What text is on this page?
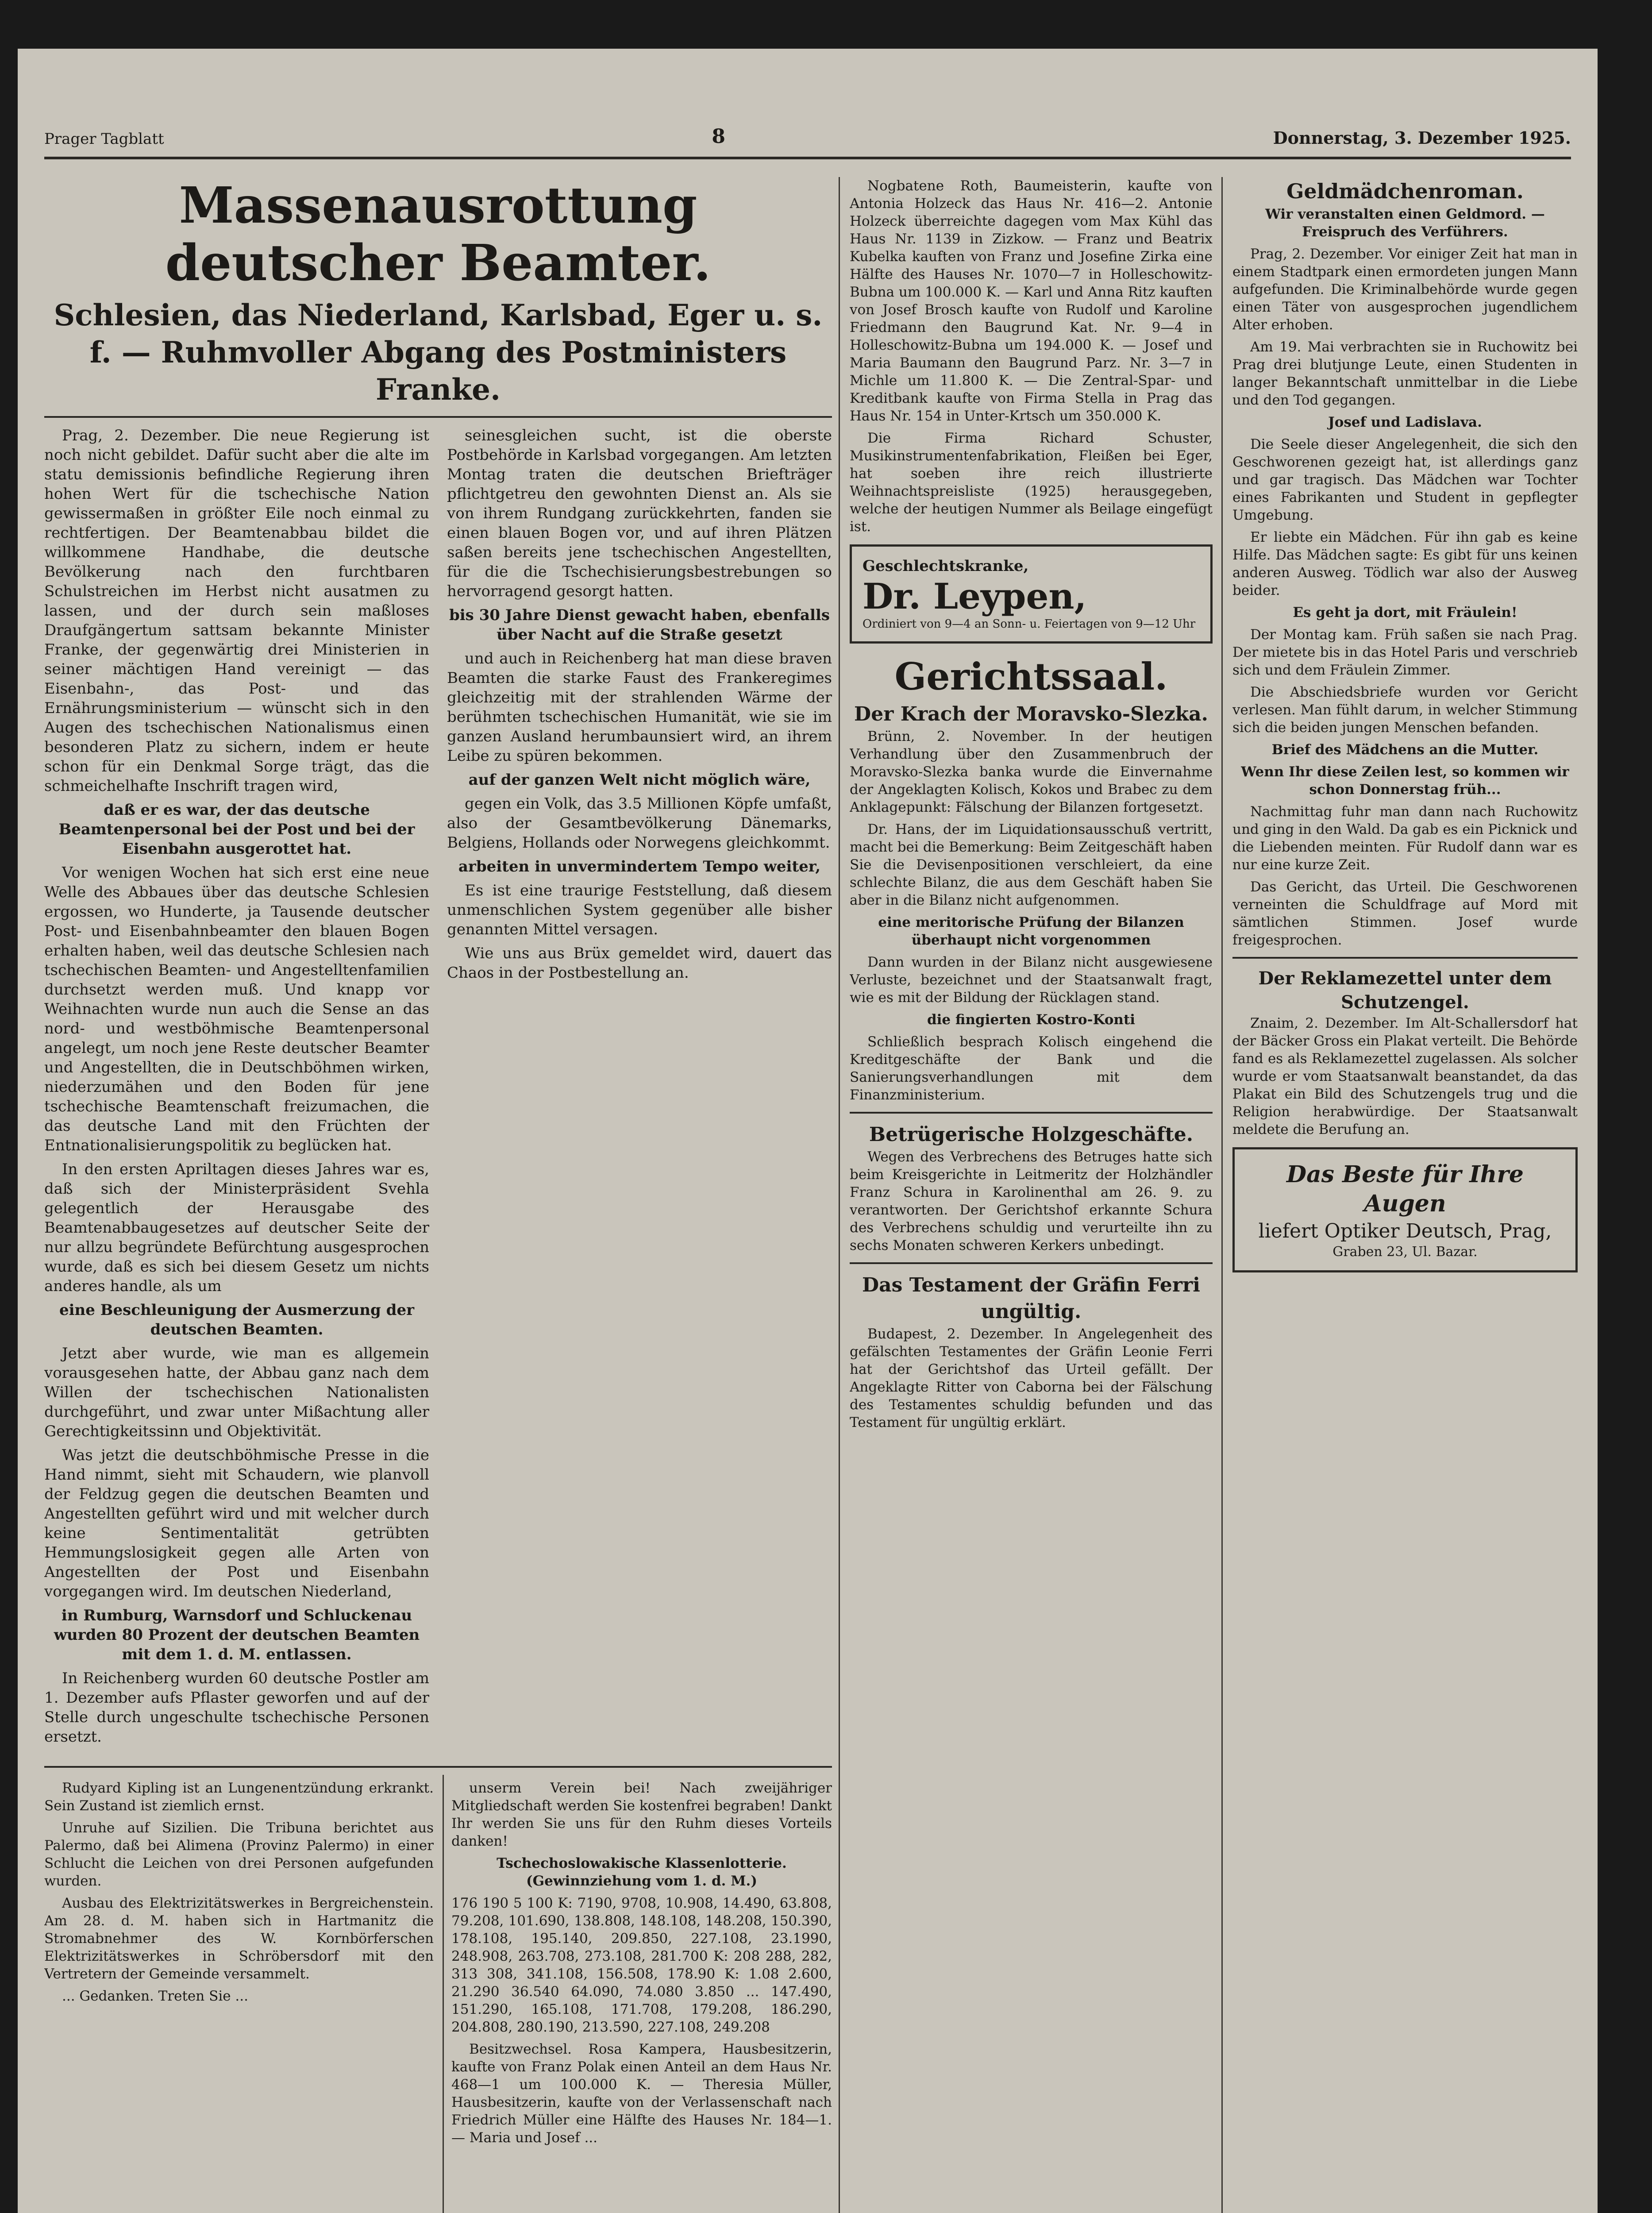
Prager Tagblatt	8	Donnerstag, 3. Dezember 1925.
Massenausrottung deutscher Beamter.
Schlesien, das Niederland, Karlsbad, Eger u. s. f. — Ruhmvoller Abgang des Postministers Franke.

Prag, 2. Dezember. Die neue Regierung ist noch nicht gebildet. Dafür sucht aber die alte im statu demissionis befindliche Regierung ihren hohen Wert für die tschechische Nation gewissermaßen in größter Eile noch einmal zu rechtfertigen. Der Beamtenabbau bildet die willkommene Handhabe, die deutsche Bevölkerung nach den furchtbaren Schulstreichen im Herbst nicht ausatmen zu lassen, und der durch sein maßloses Draufgängertum sattsam bekannte Minister Franke, der gegenwärtig drei Ministerien in seiner mächtigen Hand vereinigt — das Eisenbahn-, das Post- und das Ernährungsministerium — wünscht sich in den Augen des tschechischen Nationalismus einen besonderen Platz zu sichern, indem er heute schon für ein Denkmal Sorge trägt, das die schmeichelhafte Inschrift tragen wird,

daß er es war, der das deutsche Beamtenpersonal bei der Post und bei der Eisenbahn ausgerottet hat.

Vor wenigen Wochen hat sich erst eine neue Welle des Abbaues über das deutsche Schlesien ergossen, wo Hunderte, ja Tausende deutscher Post- und Eisenbahnbeamter den blauen Bogen erhalten haben, weil das deutsche Schlesien nach tschechischen Beamten- und Angestelltenfamilien durchsetzt werden muß. Und knapp vor Weihnachten wurde nun auch die Sense an das nord- und westböhmische Beamtenpersonal angelegt, um noch jene Reste deutscher Beamter und Angestellten, die in Deutschböhmen wirken, niederzumähen und den Boden für jene tschechische Beamtenschaft freizumachen, die das deutsche Land mit den Früchten der Entnationalisierungspolitik zu beglücken hat.

In den ersten Apriltagen dieses Jahres war es, daß sich der Ministerpräsident Svehla gelegentlich der Herausgabe des Beamtenabbaugesetzes auf deutscher Seite der nur allzu begründete Befürchtung ausgesprochen wurde, daß es sich bei diesem Gesetz um nichts anderes handle, als um

eine Beschleunigung der Ausmerzung der deutschen Beamten.

Jetzt aber wurde, wie man es allgemein vorausgesehen hatte, der Abbau ganz nach dem Willen der tschechischen Nationalisten durchgeführt, und zwar unter Mißachtung aller Gerechtigkeitssinn und Objektivität.

Was jetzt die deutschböhmische Presse in die Hand nimmt, sieht mit Schaudern, wie planvoll der Feldzug gegen die deutschen Beamten und Angestellten geführt wird und mit welcher durch keine Sentimentalität getrübten Hemmungslosigkeit gegen alle Arten von Angestellten der Post und Eisenbahn vorgegangen wird. Im deutschen Niederland,

in Rumburg, Warnsdorf und Schluckenau wurden 80 Prozent der deutschen Beamten mit dem 1. d. M. entlassen.

In Reichenberg wurden 60 deutsche Postler am 1. Dezember aufs Pflaster geworfen und auf der Stelle durch ungeschulte tschechische Personen ersetzt.

seinesgleichen sucht, ist die oberste Postbehörde in Karlsbad vorgegangen. Am letzten Montag traten die deutschen Briefträger pflichtgetreu den gewohnten Dienst an. Als sie von ihrem Rundgang zurückkehrten, fanden sie einen blauen Bogen vor, und auf ihren Plätzen saßen bereits jene tschechischen Angestellten, für die die Tschechisierungsbestrebungen so hervorragend gesorgt hatten.

bis 30 Jahre Dienst gewacht haben, ebenfalls über Nacht auf die Straße gesetzt

und auch in Reichenberg hat man diese braven Beamten die starke Faust des Frankeregimes gleichzeitig mit der strahlenden Wärme der berühmten tschechischen Humanität, wie sie im ganzen Ausland herumbaunsiert wird, an ihrem Leibe zu spüren bekommen.

auf der ganzen Welt nicht möglich wäre,

gegen ein Volk, das 3.5 Millionen Köpfe umfaßt, also der Gesamtbevölkerung Dänemarks, Belgiens, Hollands oder Norwegens gleichkommt.

arbeiten in unvermindertem Tempo weiter,

Es ist eine traurige Feststellung, daß diesem unmenschlichen System gegenüber alle bisher genannten Mittel versagen.

Wie uns aus Brüx gemeldet wird, dauert das Chaos in der Postbestellung an.

Rudyard Kipling ist an Lungenentzündung erkrankt. Sein Zustand ist ziemlich ernst.

Unruhe auf Sizilien. Die Tribuna berichtet aus Palermo, daß bei Alimena (Provinz Palermo) in einer Schlucht die Leichen von drei Personen aufgefunden wurden.

Ausbau des Elektrizitätswerkes in Bergreichenstein. Am 28. d. M. haben sich in Hartmanitz die Stromabnehmer des W. Kornbörferschen Elektrizitätswerkes in Schröbersdorf mit den Vertretern der Gemeinde versammelt.

... Gedanken. Treten Sie ...

unserm Verein bei! Nach zweijähriger Mitgliedschaft werden Sie kostenfrei begraben! Dankt Ihr werden Sie uns für den Ruhm dieses Vorteils danken!

Tschechoslowakische Klassenlotterie. (Gewinnziehung vom 1. d. M.)

176 190 5 100 K: 7190, 9708, 10.908, 14.490, 63.808, 79.208, 101.690, 138.808, 148.108, 148.208, 150.390, 178.108, 195.140, 209.850, 227.108, 23.1990, 248.908, 263.708, 273.108, 281.700 K: 208 288, 282, 313 308, 341.108, 156.508, 178.90 K: 1.08 2.600, 21.290 36.540 64.090, 74.080 3.850 ... 147.490, 151.290, 165.108, 171.708, 179.208, 186.290, 204.808, 280.190, 213.590, 227.108, 249.208

Besitzwechsel. Rosa Kampera, Hausbesitzerin, kaufte von Franz Polak einen Anteil an dem Haus Nr. 468—1 um 100.000 K. — Theresia Müller, Hausbesitzerin, kaufte von der Verlassenschaft nach Friedrich Müller eine Hälfte des Hauses Nr. 184—1. — Maria und Josef ...

Nogbatene Roth, Baumeisterin, kaufte von Antonia Holzeck das Haus Nr. 416—2. Antonie Holzeck überreichte dagegen vom Max Kühl das Haus Nr. 1139 in Zizkow. — Franz und Beatrix Kubelka kauften von Franz und Josefine Zirka eine Hälfte des Hauses Nr. 1070—7 in Holleschowitz-Bubna um 100.000 K. — Karl und Anna Ritz kauften von Josef Brosch kaufte von Rudolf und Karoline Friedmann den Baugrund Kat. Nr. 9—4 in Holleschowitz-Bubna um 194.000 K. — Josef und Maria Baumann den Baugrund Parz. Nr. 3—7 in Michle um 11.800 K. — Die Zentral-Spar- und Kreditbank kaufte von Firma Stella in Prag das Haus Nr. 154 in Unter-Krtsch um 350.000 K.

Die Firma Richard Schuster, Musikinstrumentenfabrikation, Fleißen bei Eger, hat soeben ihre reich illustrierte Weihnachtspreisliste (1925) herausgegeben, welche der heutigen Nummer als Beilage eingefügt ist.

Geschlechtskranke,
Dr. Leypen,
Ordiniert von 9—4 an Sonn- u. Feiertagen von 9—12 Uhr
Gerichtssaal.
Der Krach der Moravsko-Slezka.

Brünn, 2. November. In der heutigen Verhandlung über den Zusammenbruch der Moravsko-Slezka banka wurde die Einvernahme der Angeklagten Kolisch, Kokos und Brabec zu dem Anklagepunkt: Fälschung der Bilanzen fortgesetzt.

Dr. Hans, der im Liquidationsausschuß vertritt, macht bei die Bemerkung: Beim Zeitgeschäft haben Sie die Devisenpositionen verschleiert, da eine schlechte Bilanz, die aus dem Geschäft haben Sie aber in die Bilanz nicht aufgenommen.

eine meritorische Prüfung der Bilanzen überhaupt nicht vorgenommen

Dann wurden in der Bilanz nicht ausgewiesene Verluste, bezeichnet und der Staatsanwalt fragt, wie es mit der Bildung der Rücklagen stand.

die fingierten Kostro-Konti

Schließlich besprach Kolisch eingehend die Kreditgeschäfte der Bank und die Sanierungsverhandlungen mit dem Finanzministerium.

Betrügerische Holzgeschäfte.

Wegen des Verbrechens des Betruges hatte sich beim Kreisgerichte in Leitmeritz der Holzhändler Franz Schura in Karolinenthal am 26. 9. zu verantworten. Der Gerichtshof erkannte Schura des Verbrechens schuldig und verurteilte ihn zu sechs Monaten schweren Kerkers unbedingt.

Das Testament der Gräfin Ferri ungültig.

Budapest, 2. Dezember. In Angelegenheit des gefälschten Testamentes der Gräfin Leonie Ferri hat der Gerichtshof das Urteil gefällt. Der Angeklagte Ritter von Caborna bei der Fälschung des Testamentes schuldig befunden und das Testament für ungültig erklärt.

Geldmädchenroman.

Wir veranstalten einen Geldmord. — Freispruch des Verführers.

Prag, 2. Dezember. Vor einiger Zeit hat man in einem Stadtpark einen ermordeten jungen Mann aufgefunden. Die Kriminalbehörde wurde gegen einen Täter von ausgesprochen jugendlichem Alter erhoben.

Am 19. Mai verbrachten sie in Ruchowitz bei Prag drei blutjunge Leute, einen Studenten in langer Bekanntschaft unmittelbar in die Liebe und den Tod gegangen.

Josef und Ladislava.

Die Seele dieser Angelegenheit, die sich den Geschworenen gezeigt hat, ist allerdings ganz und gar tragisch. Das Mädchen war Tochter eines Fabrikanten und Student in gepflegter Umgebung.

Er liebte ein Mädchen. Für ihn gab es keine Hilfe. Das Mädchen sagte: Es gibt für uns keinen anderen Ausweg. Tödlich war also der Ausweg beider.

Es geht ja dort, mit Fräulein!

Der Montag kam. Früh saßen sie nach Prag. Der mietete bis in das Hotel Paris und verschrieb sich und dem Fräulein Zimmer.

Die Abschiedsbriefe wurden vor Gericht verlesen. Man fühlt darum, in welcher Stimmung sich die beiden jungen Menschen befanden.

Brief des Mädchens an die Mutter.

Wenn Ihr diese Zeilen lest, so kommen wir schon Donnerstag früh...

Nachmittag fuhr man dann nach Ruchowitz und ging in den Wald. Da gab es ein Picknick und die Liebenden meinten. Für Rudolf dann war es nur eine kurze Zeit.

Das Gericht, das Urteil. Die Geschworenen verneinten die Schuldfrage auf Mord mit sämtlichen Stimmen. Josef wurde freigesprochen.

Der Reklamezettel unter dem Schutzengel.

Znaim, 2. Dezember. Im Alt-Schallersdorf hat der Bäcker Gross ein Plakat verteilt. Die Behörde fand es als Reklamezettel zugelassen. Als solcher wurde er vom Staatsanwalt beanstandet, da das Plakat ein Bild des Schutzengels trug und die Religion herabwürdige. Der Staatsanwalt meldete die Berufung an.

Das Beste für Ihre Augen
liefert Optiker Deutsch, Prag,
Graben 23, Ul. Bazar.
